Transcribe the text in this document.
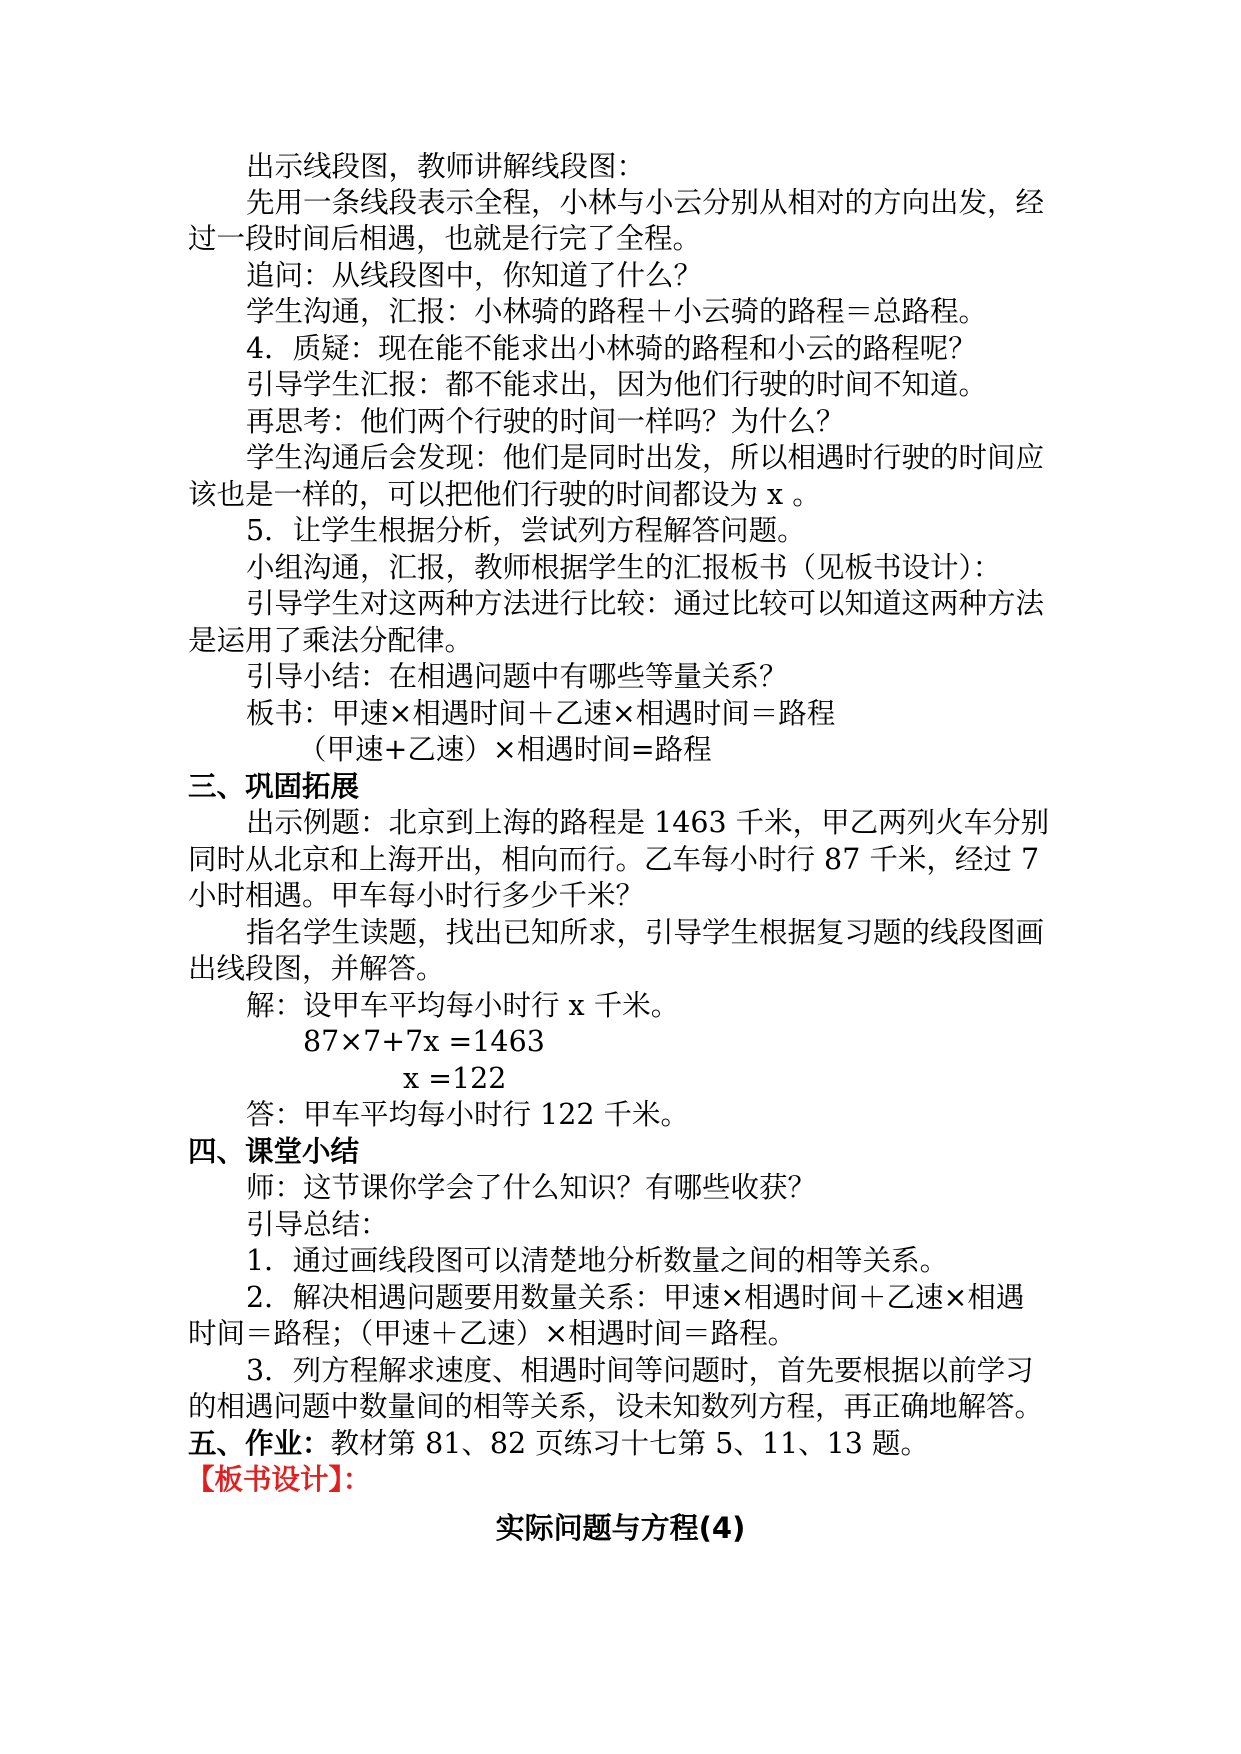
出示线段图，教师讲解线段图：
先用一条线段表示全程，小林与小云分别从相对的方向出发，经
过一段时间后相遇，也就是行完了全程。
追问：从线段图中，你知道了什么？
学生沟通，汇报：小林骑的路程＋小云骑的路程＝总路程。
4．质疑：现在能不能求出小林骑的路程和小云的路程呢？
引导学生汇报：都不能求出，因为他们行驶的时间不知道。
再思考：他们两个行驶的时间一样吗？为什么？
学生沟通后会发现：他们是同时出发，所以相遇时行驶的时间应
该也是一样的，可以把他们行驶的时间都设为 x 。
5．让学生根据分析，尝试列方程解答问题。
小组沟通，汇报，教师根据学生的汇报板书（见板书设计）：
引导学生对这两种方法进行比较：通过比较可以知道这两种方法
是运用了乘法分配律。
引导小结：在相遇问题中有哪些等量关系？
板书：甲速×相遇时间＋乙速×相遇时间＝路程
（甲速+乙速）×相遇时间=路程
三、巩固拓展
出示例题：北京到上海的路程是 1463 千米，甲乙两列火车分别
同时从北京和上海开出，相向而行。乙车每小时行 87 千米，经过 7
小时相遇。甲车每小时行多少千米？
指名学生读题，找出已知所求，引导学生根据复习题的线段图画
出线段图，并解答。
解：设甲车平均每小时行 x 千米。
87×7+7x =1463
x =122
答：甲车平均每小时行 122 千米。
四、课堂小结
师：这节课你学会了什么知识？有哪些收获？
引导总结：
1．通过画线段图可以清楚地分析数量之间的相等关系。
2．解决相遇问题要用数量关系：甲速×相遇时间＋乙速×相遇
时间＝路程；（甲速＋乙速）×相遇时间＝路程。
3．列方程解求速度、相遇时间等问题时，首先要根据以前学习
的相遇问题中数量间的相等关系，设未知数列方程，再正确地解答。
五、作业：教材第 81、82 页练习十七第 5、11、13 题。
【板书设计】：
实际问题与方程(4)
